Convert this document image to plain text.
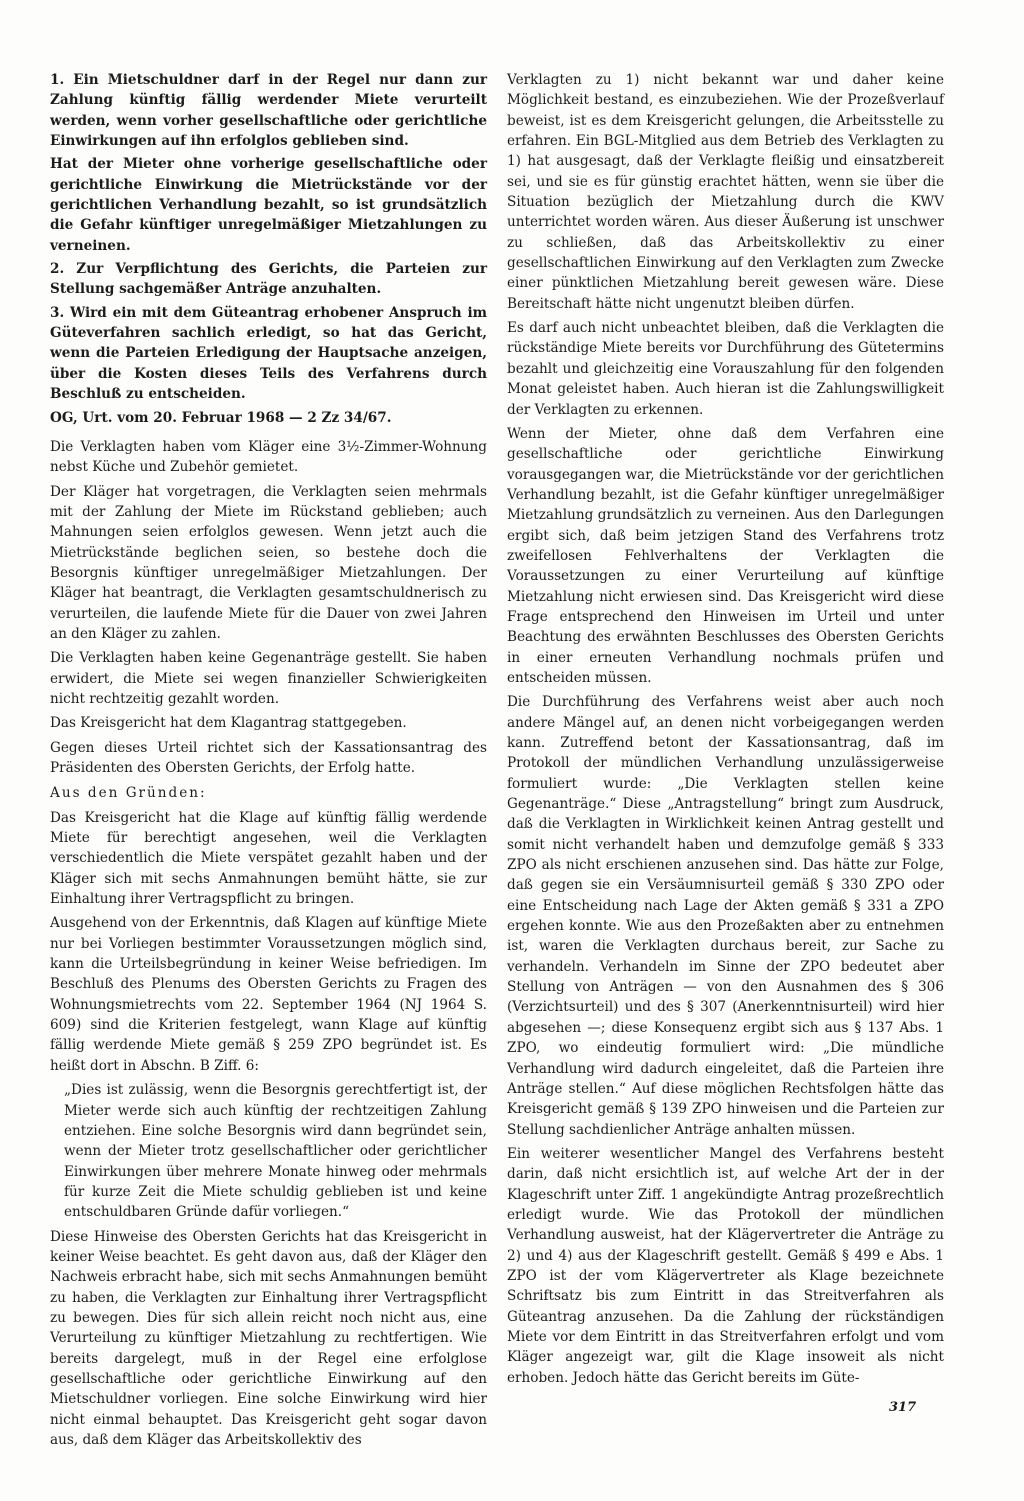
1. Ein Mietschuldner darf in der Regel nur dann zur Zahlung künftig fällig werdender Miete verurteilt werden, wenn vorher gesellschaftliche oder gerichtliche Einwirkungen auf ihn erfolglos geblieben sind.

Hat der Mieter ohne vorherige gesellschaftliche oder gerichtliche Einwirkung die Mietrückstände vor der gerichtlichen Verhandlung bezahlt, so ist grundsätzlich die Gefahr künftiger unregelmäßiger Mietzahlungen zu verneinen.

2. Zur Verpflichtung des Gerichts, die Parteien zur Stellung sachgemäßer Anträge anzuhalten.

3. Wird ein mit dem Güteantrag erhobener Anspruch im Güteverfahren sachlich erledigt, so hat das Gericht, wenn die Parteien Erledigung der Hauptsache anzeigen, über die Kosten dieses Teils des Verfahrens durch Beschluß zu entscheiden.

OG, Urt. vom 20. Februar 1968 — 2 Zz 34/67.

Die Verklagten haben vom Kläger eine 3½-Zimmer-Wohnung nebst Küche und Zubehör gemietet.

Der Kläger hat vorgetragen, die Verklagten seien mehrmals mit der Zahlung der Miete im Rückstand geblieben; auch Mahnungen seien erfolglos gewesen. Wenn jetzt auch die Mietrückstände beglichen seien, so bestehe doch die Besorgnis künftiger unregelmäßiger Mietzahlungen. Der Kläger hat beantragt, die Verklagten gesamtschuldnerisch zu verurteilen, die laufende Miete für die Dauer von zwei Jahren an den Kläger zu zahlen.

Die Verklagten haben keine Gegenanträge gestellt. Sie haben erwidert, die Miete sei wegen finanzieller Schwierigkeiten nicht rechtzeitig gezahlt worden.

Das Kreisgericht hat dem Klagantrag stattgegeben.

Gegen dieses Urteil richtet sich der Kassationsantrag des Präsidenten des Obersten Gerichts, der Erfolg hatte.

Aus den Gründen:

Das Kreisgericht hat die Klage auf künftig fällig werdende Miete für berechtigt angesehen, weil die Verklagten verschiedentlich die Miete verspätet gezahlt haben und der Kläger sich mit sechs Anmahnungen bemüht hätte, sie zur Einhaltung ihrer Vertragspflicht zu bringen.

Ausgehend von der Erkenntnis, daß Klagen auf künftige Miete nur bei Vorliegen bestimmter Voraussetzungen möglich sind, kann die Urteilsbegründung in keiner Weise befriedigen. Im Beschluß des Plenums des Obersten Gerichts zu Fragen des Wohnungsmietrechts vom 22. September 1964 (NJ 1964 S. 609) sind die Kriterien festgelegt, wann Klage auf künftig fällig werdende Miete gemäß § 259 ZPO begründet ist. Es heißt dort in Abschn. B Ziff. 6:

„Dies ist zulässig, wenn die Besorgnis gerechtfertigt ist, der Mieter werde sich auch künftig der rechtzeitigen Zahlung entziehen. Eine solche Besorgnis wird dann begründet sein, wenn der Mieter trotz gesellschaftlicher oder gerichtlicher Einwirkungen über mehrere Monate hinweg oder mehrmals für kurze Zeit die Miete schuldig geblieben ist und keine entschuldbaren Gründe dafür vorliegen.“

Diese Hinweise des Obersten Gerichts hat das Kreisgericht in keiner Weise beachtet. Es geht davon aus, daß der Kläger den Nachweis erbracht habe, sich mit sechs Anmahnungen bemüht zu haben, die Verklagten zur Einhaltung ihrer Vertragspflicht zu bewegen. Dies für sich allein reicht noch nicht aus, eine Verurteilung zu künftiger Mietzahlung zu rechtfertigen. Wie bereits dargelegt, muß in der Regel eine erfolglose gesellschaftliche oder gerichtliche Einwirkung auf den Mietschuldner vorliegen. Eine solche Einwirkung wird hier nicht einmal behauptet. Das Kreisgericht geht sogar davon aus, daß dem Kläger das Arbeitskollektiv des

Verklagten zu 1) nicht bekannt war und daher keine Möglichkeit bestand, es einzubeziehen. Wie der Prozeßverlauf beweist, ist es dem Kreisgericht gelungen, die Arbeitsstelle zu erfahren. Ein BGL-Mitglied aus dem Betrieb des Verklagten zu 1) hat ausgesagt, daß der Verklagte fleißig und einsatzbereit sei, und sie es für günstig erachtet hätten, wenn sie über die Situation bezüglich der Mietzahlung durch die KWV unterrichtet worden wären. Aus dieser Äußerung ist unschwer zu schließen, daß das Arbeitskollektiv zu einer gesellschaftlichen Einwirkung auf den Verklagten zum Zwecke einer pünktlichen Mietzahlung bereit gewesen wäre. Diese Bereitschaft hätte nicht ungenutzt bleiben dürfen.

Es darf auch nicht unbeachtet bleiben, daß die Verklagten die rückständige Miete bereits vor Durchführung des Gütetermins bezahlt und gleichzeitig eine Vorauszahlung für den folgenden Monat geleistet haben. Auch hieran ist die Zahlungswilligkeit der Verklagten zu erkennen.

Wenn der Mieter, ohne daß dem Verfahren eine gesellschaftliche oder gerichtliche Einwirkung vorausgegangen war, die Mietrückstände vor der gerichtlichen Verhandlung bezahlt, ist die Gefahr künftiger unregelmäßiger Mietzahlung grundsätzlich zu verneinen. Aus den Darlegungen ergibt sich, daß beim jetzigen Stand des Verfahrens trotz zweifellosen Fehlverhaltens der Verklagten die Voraussetzungen zu einer Verurteilung auf künftige Mietzahlung nicht erwiesen sind. Das Kreisgericht wird diese Frage entsprechend den Hinweisen im Urteil und unter Beachtung des erwähnten Beschlusses des Obersten Gerichts in einer erneuten Verhandlung nochmals prüfen und entscheiden müssen.

Die Durchführung des Verfahrens weist aber auch noch andere Mängel auf, an denen nicht vorbeigegangen werden kann. Zutreffend betont der Kassationsantrag, daß im Protokoll der mündlichen Verhandlung unzulässigerweise formuliert wurde: „Die Verklagten stellen keine Gegenanträge.“ Diese „Antragstellung“ bringt zum Ausdruck, daß die Verklagten in Wirklichkeit keinen Antrag gestellt und somit nicht verhandelt haben und demzufolge gemäß § 333 ZPO als nicht erschienen anzusehen sind. Das hätte zur Folge, daß gegen sie ein Versäumnisurteil gemäß § 330 ZPO oder eine Entscheidung nach Lage der Akten gemäß § 331 a ZPO ergehen konnte. Wie aus den Prozeßakten aber zu entnehmen ist, waren die Verklagten durchaus bereit, zur Sache zu verhandeln. Verhandeln im Sinne der ZPO bedeutet aber Stellung von Anträgen — von den Ausnahmen des § 306 (Verzichtsurteil) und des § 307 (Anerkenntnisurteil) wird hier abgesehen —; diese Konsequenz ergibt sich aus § 137 Abs. 1 ZPO, wo eindeutig formuliert wird: „Die mündliche Verhandlung wird dadurch eingeleitet, daß die Parteien ihre Anträge stellen.“ Auf diese möglichen Rechtsfolgen hätte das Kreisgericht gemäß § 139 ZPO hinweisen und die Parteien zur Stellung sachdienlicher Anträge anhalten müssen.

Ein weiterer wesentlicher Mangel des Verfahrens besteht darin, daß nicht ersichtlich ist, auf welche Art der in der Klageschrift unter Ziff. 1 angekündigte Antrag prozeßrechtlich erledigt wurde. Wie das Protokoll der mündlichen Verhandlung ausweist, hat der Klägervertreter die Anträge zu 2) und 4) aus der Klageschrift gestellt. Gemäß § 499 e Abs. 1 ZPO ist der vom Klägervertreter als Klage bezeichnete Schriftsatz bis zum Eintritt in das Streitverfahren als Güteantrag anzusehen. Da die Zahlung der rückständigen Miete vor dem Eintritt in das Streitverfahren erfolgt und vom Kläger angezeigt war, gilt die Klage insoweit als nicht erhoben. Jedoch hätte das Gericht bereits im Güte-

317
